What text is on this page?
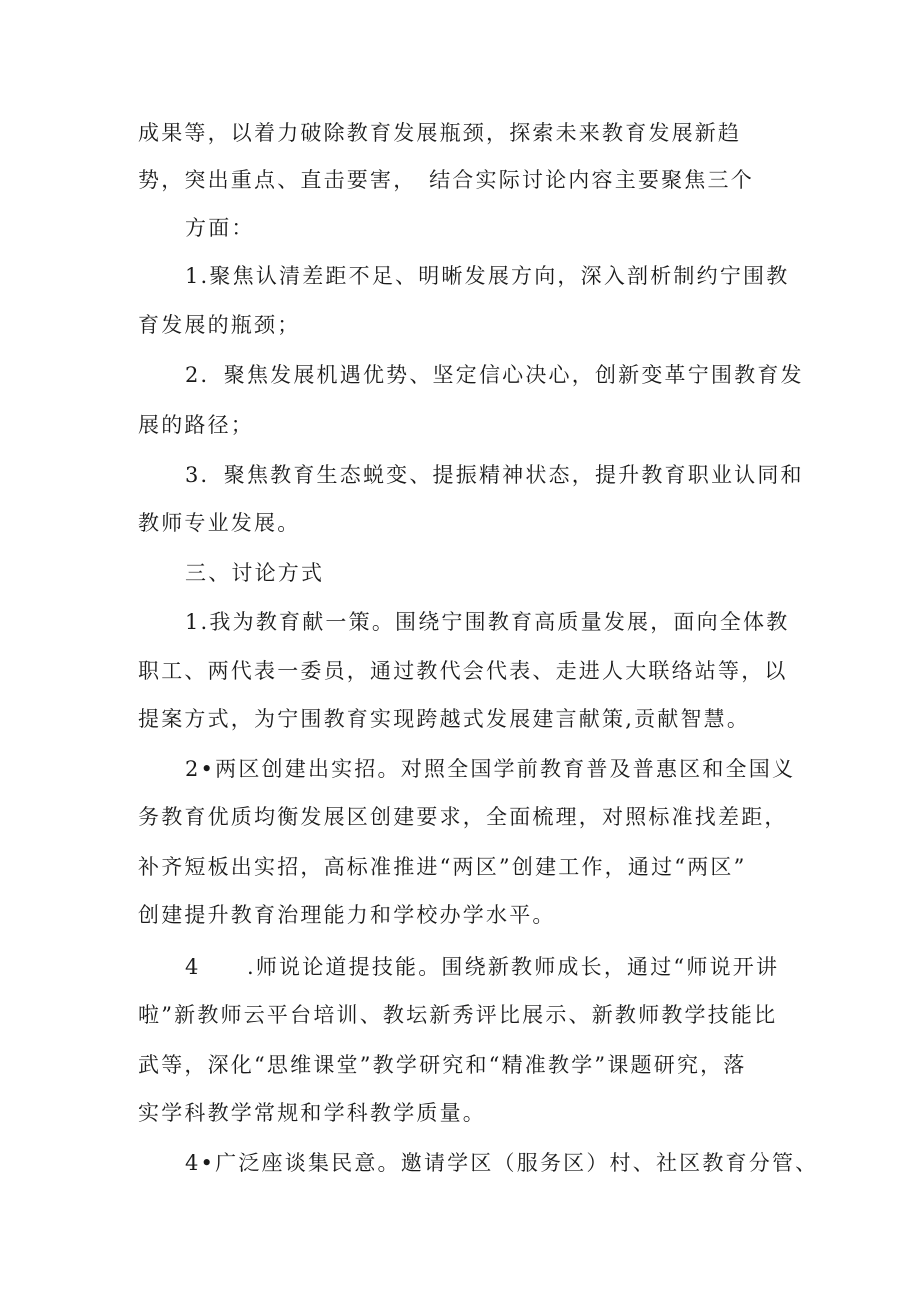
成果等，以着力破除教育发展瓶颈，探索未来教育发展新趋
势，突出重点、直击要害，　结合实际讨论内容主要聚焦三个
方面：
1.聚焦认清差距不足、明晰发展方向，深入剖析制约宁围教
育发展的瓶颈；
2．聚焦发展机遇优势、坚定信心决心，创新变革宁围教育发
展的路径；
3．聚焦教育生态蜕变、提振精神状态，提升教育职业认同和
教师专业发展。
三、讨论方式
1.我为教育献一策。围绕宁围教育高质量发展，面向全体教
职工、两代表一委员，通过教代会代表、走进人大联络站等，以
提案方式，为宁围教育实现跨越式发展建言献策,贡献智慧。
2•两区创建出实招。对照全国学前教育普及普惠区和全国义
务教育优质均衡发展区创建要求，全面梳理，对照标准找差距，
补齐短板出实招，高标准推进“两区”创建工作，通过“两区”
创建提升教育治理能力和学校办学水平。
4　　.师说论道提技能。围绕新教师成长，通过“师说开讲
啦”新教师云平台培训、教坛新秀评比展示、新教师教学技能比
武等，深化“思维课堂”教学研究和“精准教学”课题研究，落
实学科教学常规和学科教学质量。
4•广泛座谈集民意。邀请学区（服务区）村、社区教育分管、
